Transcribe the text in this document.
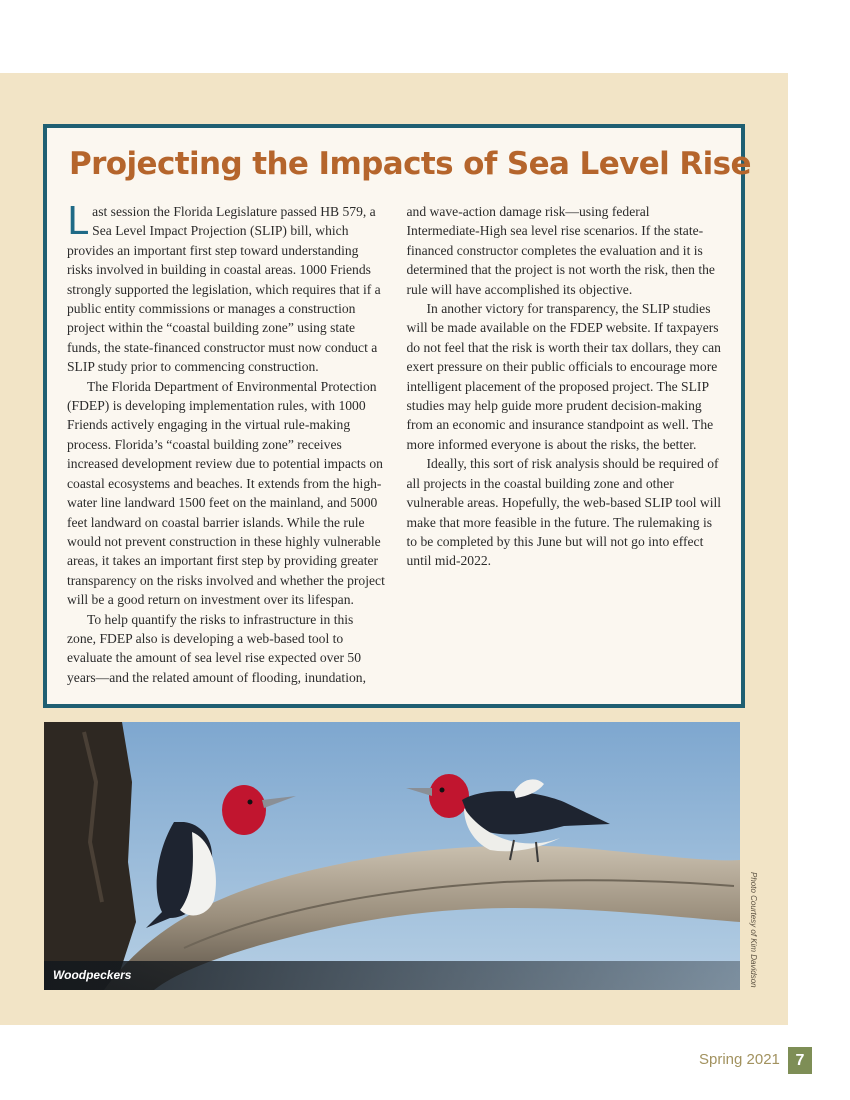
Projecting the Impacts of Sea Level Rise

Last session the Florida Legislature passed HB 579, a Sea Level Impact Projection (SLIP) bill, which provides an important first step toward understanding risks involved in building in coastal areas. 1000 Friends strongly supported the legislation, which requires that if a public entity commissions or manages a construction project within the “coastal building zone” using state funds, the state-financed constructor must now conduct a SLIP study prior to commencing construction.

The Florida Department of Environmental Protection (FDEP) is developing implementation rules, with 1000 Friends actively engaging in the virtual rule-making process. Florida’s “coastal building zone” receives increased development review due to potential impacts on coastal ecosystems and beaches. It extends from the high-water line landward 1500 feet on the mainland, and 5000 feet landward on coastal barrier islands. While the rule would not prevent construction in these highly vulnerable areas, it takes an important first step by providing greater transparency on the risks involved and whether the project will be a good return on investment over its lifespan.

To help quantify the risks to infrastructure in this zone, FDEP also is developing a web-based tool to evaluate the amount of sea level rise expected over 50 years—and the related amount of flooding, inundation, and wave-action damage risk—using federal Intermediate-High sea level rise scenarios. If the state-financed constructor completes the evaluation and it is determined that the project is not worth the risk, then the rule will have accomplished its objective.

In another victory for transparency, the SLIP studies will be made available on the FDEP website. If taxpayers do not feel that the risk is worth their tax dollars, they can exert pressure on their public officials to encourage more intelligent placement of the proposed project. The SLIP studies may help guide more prudent decision-making from an economic and insurance standpoint as well. The more informed everyone is about the risks, the better.

Ideally, this sort of risk analysis should be required of all projects in the coastal building zone and other vulnerable areas. Hopefully, the web-based SLIP tool will make that more feasible in the future. The rulemaking is to be completed by this June but will not go into effect until mid-2022.

Woodpeckers	Photo Courtesy of Kim Davidson
Spring 2021 7
